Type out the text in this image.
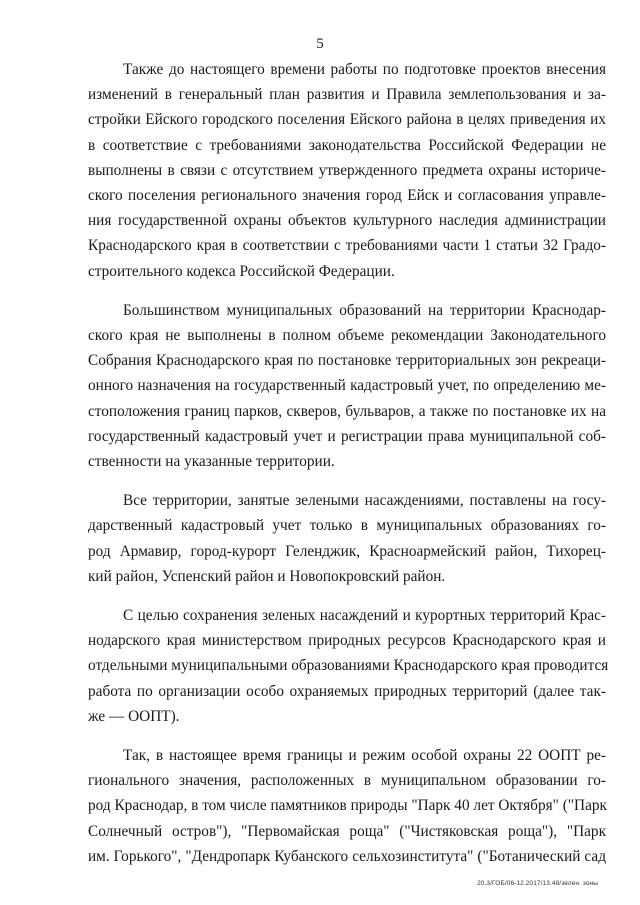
5

Также до настоящего времени работы по подготовке проектов внесения
изменений в генеральный план развития и Правила землепользования и за-
стройки Ейского городского поселения Ейского района в целях приведения их
в соответствие с требованиями законодательства Российской Федерации не
выполнены в связи с отсутствием утвержденного предмета охраны историче-
ского поселения регионального значения город Ейск и согласования управле-
ния государственной охраны объектов культурного наследия администрации
Краснодарского края в соответствии с требованиями части 1 статьи 32 Градо-
строительного кодекса Российской Федерации.

Большинством муниципальных образований на территории Краснодар-
ского края не выполнены в полном объеме рекомендации Законодательного
Собрания Краснодарского края по постановке территориальных зон рекреаци-
онного назначения на государственный кадастровый учет, по определению ме-
стоположения границ парков, скверов, бульваров, а также по постановке их на
государственный кадастровый учет и регистрации права муниципальной соб-
ственности на указанные территории.

Все территории, занятые зелеными насаждениями, поставлены на госу-
дарственный кадастровый учет только в муниципальных образованиях го-
род Армавир, город-курорт Геленджик, Красноармейский район, Тихорец-
кий район, Успенский район и Новопокровский район.

С целью сохранения зеленых насаждений и курортных территорий Крас-
нодарского края министерством природных ресурсов Краснодарского края и
отдельными муниципальными образованиями Краснодарского края проводится
работа по организации особо охраняемых природных территорий (далее так-
же — ООПТ).

Так, в настоящее время границы и режим особой охраны 22 ООПТ ре-
гионального значения, расположенных в муниципальном образовании го-
род Краснодар, в том числе памятников природы "Парк 40 лет Октября" ("Парк
Солнечный остров"), "Первомайская роща" ("Чистяковская роща"), "Парк
им. Горького", "Дендропарк Кубанского сельхозинститута" ("Ботанический сад

20.3/ГОБ/06-12.2017/13.48/зелен. зоны
